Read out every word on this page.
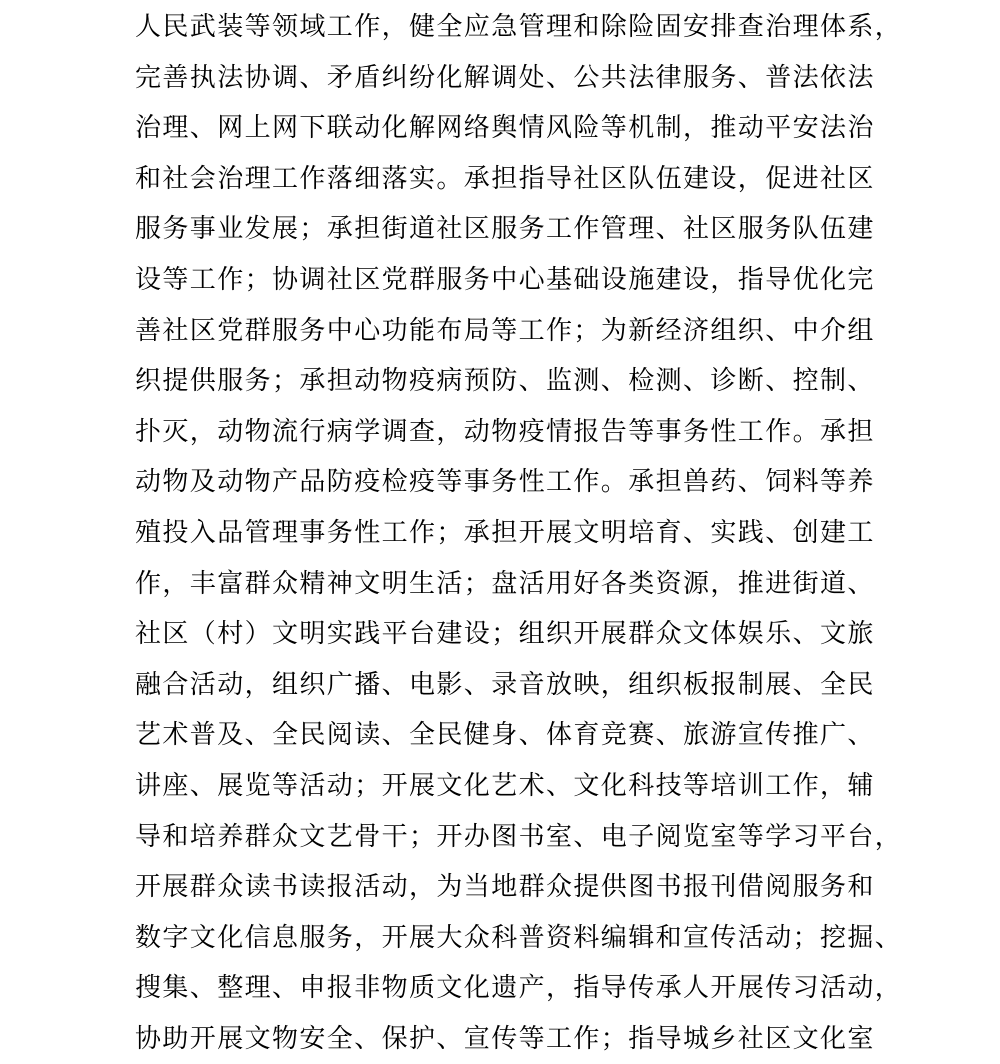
人民武装等领域工作，健全应急管理和除险固安排查治理体系，
完善执法协调、矛盾纠纷化解调处、公共法律服务、普法依法
治理、网上网下联动化解网络舆情风险等机制，推动平安法治
和社会治理工作落细落实。承担指导社区队伍建设，促进社区
服务事业发展；承担街道社区服务工作管理、社区服务队伍建
设等工作；协调社区党群服务中心基础设施建设，指导优化完
善社区党群服务中心功能布局等工作；为新经济组织、中介组
织提供服务；承担动物疫病预防、监测、检测、诊断、控制、
扑灭，动物流行病学调查，动物疫情报告等事务性工作。承担
动物及动物产品防疫检疫等事务性工作。承担兽药、饲料等养
殖投入品管理事务性工作；承担开展文明培育、实践、创建工
作，丰富群众精神文明生活；盘活用好各类资源，推进街道、
社区（村）文明实践平台建设；组织开展群众文体娱乐、文旅
融合活动，组织广播、电影、录音放映，组织板报制展、全民
艺术普及、全民阅读、全民健身、体育竞赛、旅游宣传推广、
讲座、展览等活动；开展文化艺术、文化科技等培训工作，辅
导和培养群众文艺骨干；开办图书室、电子阅览室等学习平台，
开展群众读书读报活动，为当地群众提供图书报刊借阅服务和
数字文化信息服务，开展大众科普资料编辑和宣传活动；挖掘、
搜集、整理、申报非物质文化遗产，指导传承人开展传习活动，
协助开展文物安全、保护、宣传等工作；指导城乡社区文化室
